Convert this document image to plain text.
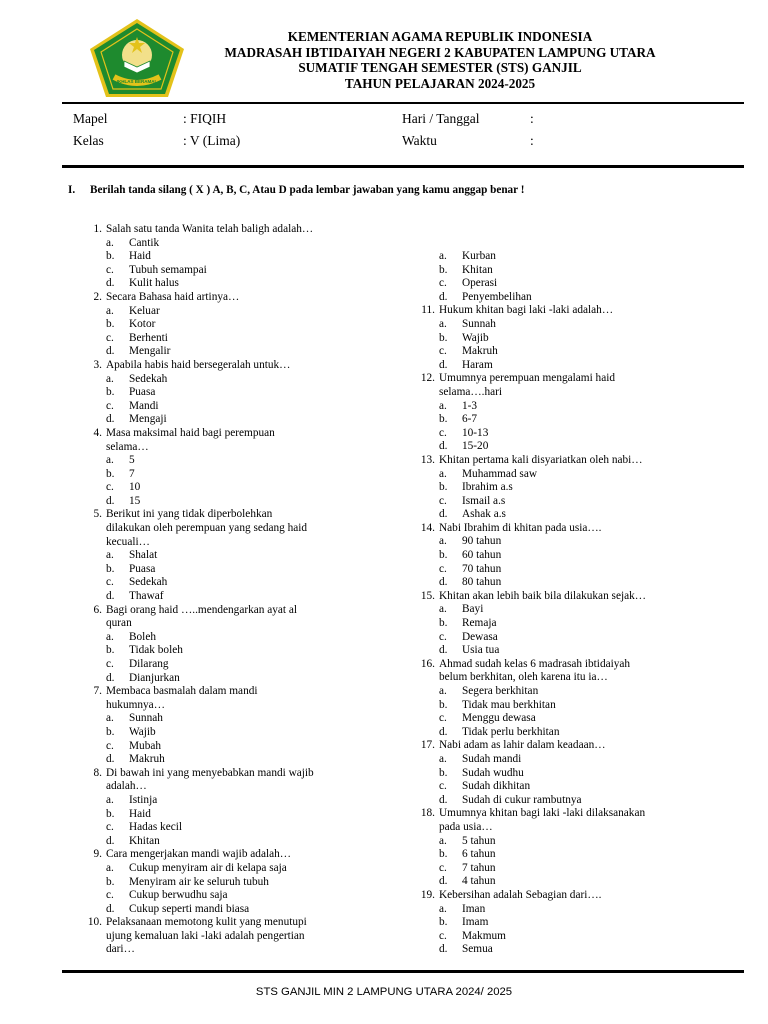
IKHLAS BERAMAL
KEMENTERIAN AGAMA REPUBLIK INDONESIA
MADRASAH IBTIDAIYAH NEGERI 2 KABUPATEN LAMPUNG UTARA
SUMATIF TENGAH SEMESTER (STS) GANJIL
TAHUN PELAJARAN 2024-2025
Mapel	: FIQIH	Hari / Tanggal	:
Kelas	: V (Lima)	Waktu	:
I. Berilah tanda silang ( X ) A, B, C, Atau D pada lembar jawaban yang kamu anggap benar !
1. Salah satu tanda Wanita telah baligh adalah…
a. Cantik
b. Haid
c. Tubuh semampai
d. Kulit halus
2. Secara Bahasa haid artinya…
a. Keluar
b. Kotor
c. Berhenti
d. Mengalir
3. Apabila habis haid bersegeralah untuk…
a. Sedekah
b. Puasa
c. Mandi
d. Mengaji
4. Masa maksimal haid bagi perempuan
selama…
a. 5
b. 7
c. 10
d. 15
5. Berikut ini yang tidak diperbolehkan
dilakukan oleh perempuan yang sedang haid
kecuali…
a. Shalat
b. Puasa
c. Sedekah
d. Thawaf
6. Bagi orang haid …..mendengarkan ayat al
quran
a. Boleh
b. Tidak boleh
c. Dilarang
d. Dianjurkan
7. Membaca basmalah dalam mandi
hukumnya…
a. Sunnah
b. Wajib
c. Mubah
d. Makruh
8. Di bawah ini yang menyebabkan mandi wajib
adalah…
a. Istinja
b. Haid
c. Hadas kecil
d. Khitan
9. Cara mengerjakan mandi wajib adalah…
a. Cukup menyiram air di kelapa saja
b. Menyiram air ke seluruh tubuh
c. Cukup berwudhu saja
d. Cukup seperti mandi biasa
10. Pelaksanaan memotong kulit yang menutupi
ujung kemaluan laki -laki adalah pengertian
dari…
a. Kurban
b. Khitan
c. Operasi
d. Penyembelihan
11. Hukum khitan bagi laki -laki adalah…
a. Sunnah
b. Wajib
c. Makruh
d. Haram
12. Umumnya perempuan mengalami haid
selama….hari
a. 1-3
b. 6-7
c. 10-13
d. 15-20
13. Khitan pertama kali disyariatkan oleh nabi…
a. Muhammad saw
b. Ibrahim a.s
c. Ismail a.s
d. Ashak a.s
14. Nabi Ibrahim di khitan pada usia….
a. 90 tahun
b. 60 tahun
c. 70 tahun
d. 80 tahun
15. Khitan akan lebih baik bila dilakukan sejak…
a. Bayi
b. Remaja
c. Dewasa
d. Usia tua
16. Ahmad sudah kelas 6 madrasah ibtidaiyah
belum berkhitan, oleh karena itu ia…
a. Segera berkhitan
b. Tidak mau berkhitan
c. Menggu dewasa
d. Tidak perlu berkhitan
17. Nabi adam as lahir dalam keadaan…
a. Sudah mandi
b. Sudah wudhu
c. Sudah dikhitan
d. Sudah di cukur rambutnya
18. Umumnya khitan bagi laki -laki dilaksanakan
pada usia…
a. 5 tahun
b. 6 tahun
c. 7 tahun
d. 4 tahun
19. Kebersihan adalah Sebagian dari….
a. Iman
b. Imam
c. Makmum
d. Semua
STS GANJIL MIN 2 LAMPUNG UTARA 2024/ 2025
